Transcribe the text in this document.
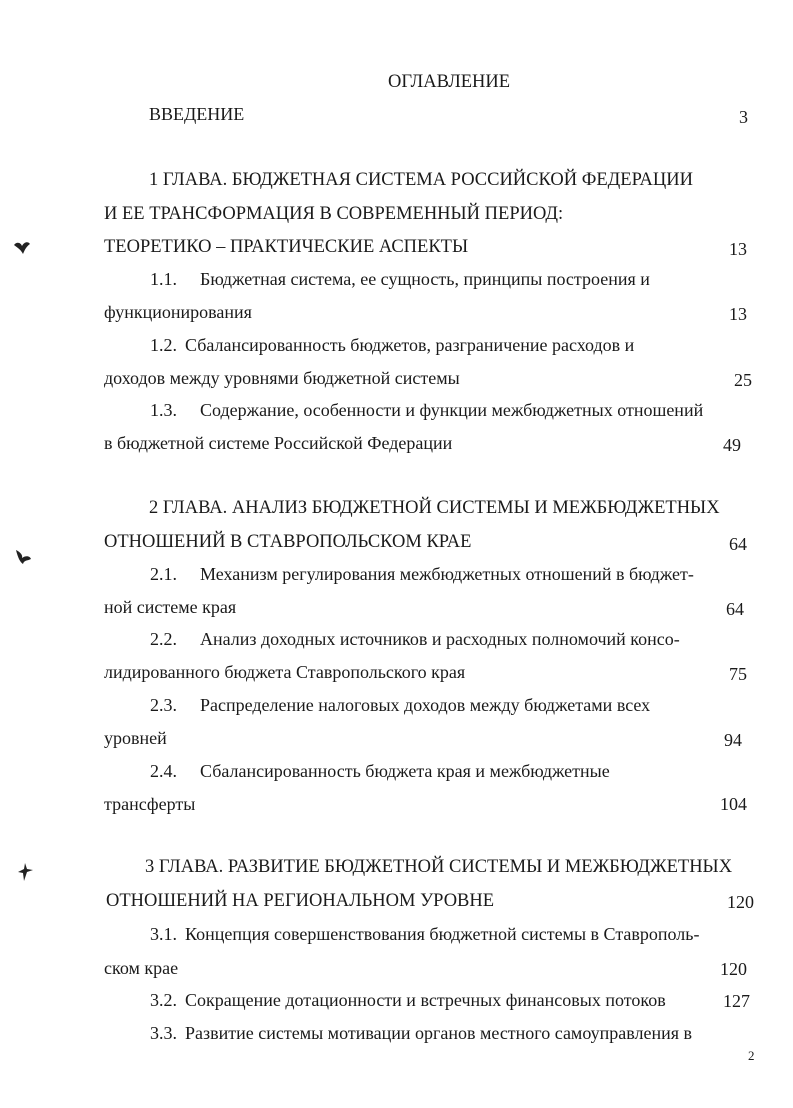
ОГЛАВЛЕНИЕ
ВВЕДЕНИЕ	3
1 ГЛАВА. БЮДЖЕТНАЯ СИСТЕМА РОССИЙСКОЙ ФЕДЕРАЦИИ
И ЕЕ ТРАНСФОРМАЦИЯ В СОВРЕМЕННЫЙ ПЕРИОД:
ТЕОРЕТИКО – ПРАКТИЧЕСКИЕ АСПЕКТЫ	13
1.1. Бюджетная система, ее сущность, принципы построения и
функционирования	13
1.2. Сбалансированность бюджетов, разграничение расходов и
доходов между уровнями бюджетной системы	25
1.3. Содержание, особенности и функции межбюджетных отношений
в бюджетной системе Российской Федерации	49
2 ГЛАВА. АНАЛИЗ БЮДЖЕТНОЙ СИСТЕМЫ И МЕЖБЮДЖЕТНЫХ
ОТНОШЕНИЙ В СТАВРОПОЛЬСКОМ КРАЕ	64
2.1. Механизм регулирования межбюджетных отношений в бюджет-
ной системе края	64
2.2. Анализ доходных источников и расходных полномочий консо-
лидированного бюджета Ставропольского края	75
2.3. Распределение налоговых доходов между бюджетами всех
уровней	94
2.4. Сбалансированность бюджета края и межбюджетные
трансферты	104
3 ГЛАВА. РАЗВИТИЕ БЮДЖЕТНОЙ СИСТЕМЫ И МЕЖБЮДЖЕТНЫХ
ОТНОШЕНИЙ НА РЕГИОНАЛЬНОМ УРОВНЕ	120
3.1. Концепция совершенствования бюджетной системы в Ставрополь-
ском крае	120
3.2. Сокращение дотационности и встречных финансовых потоков	127
3.3. Развитие системы мотивации органов местного самоуправления в
2
